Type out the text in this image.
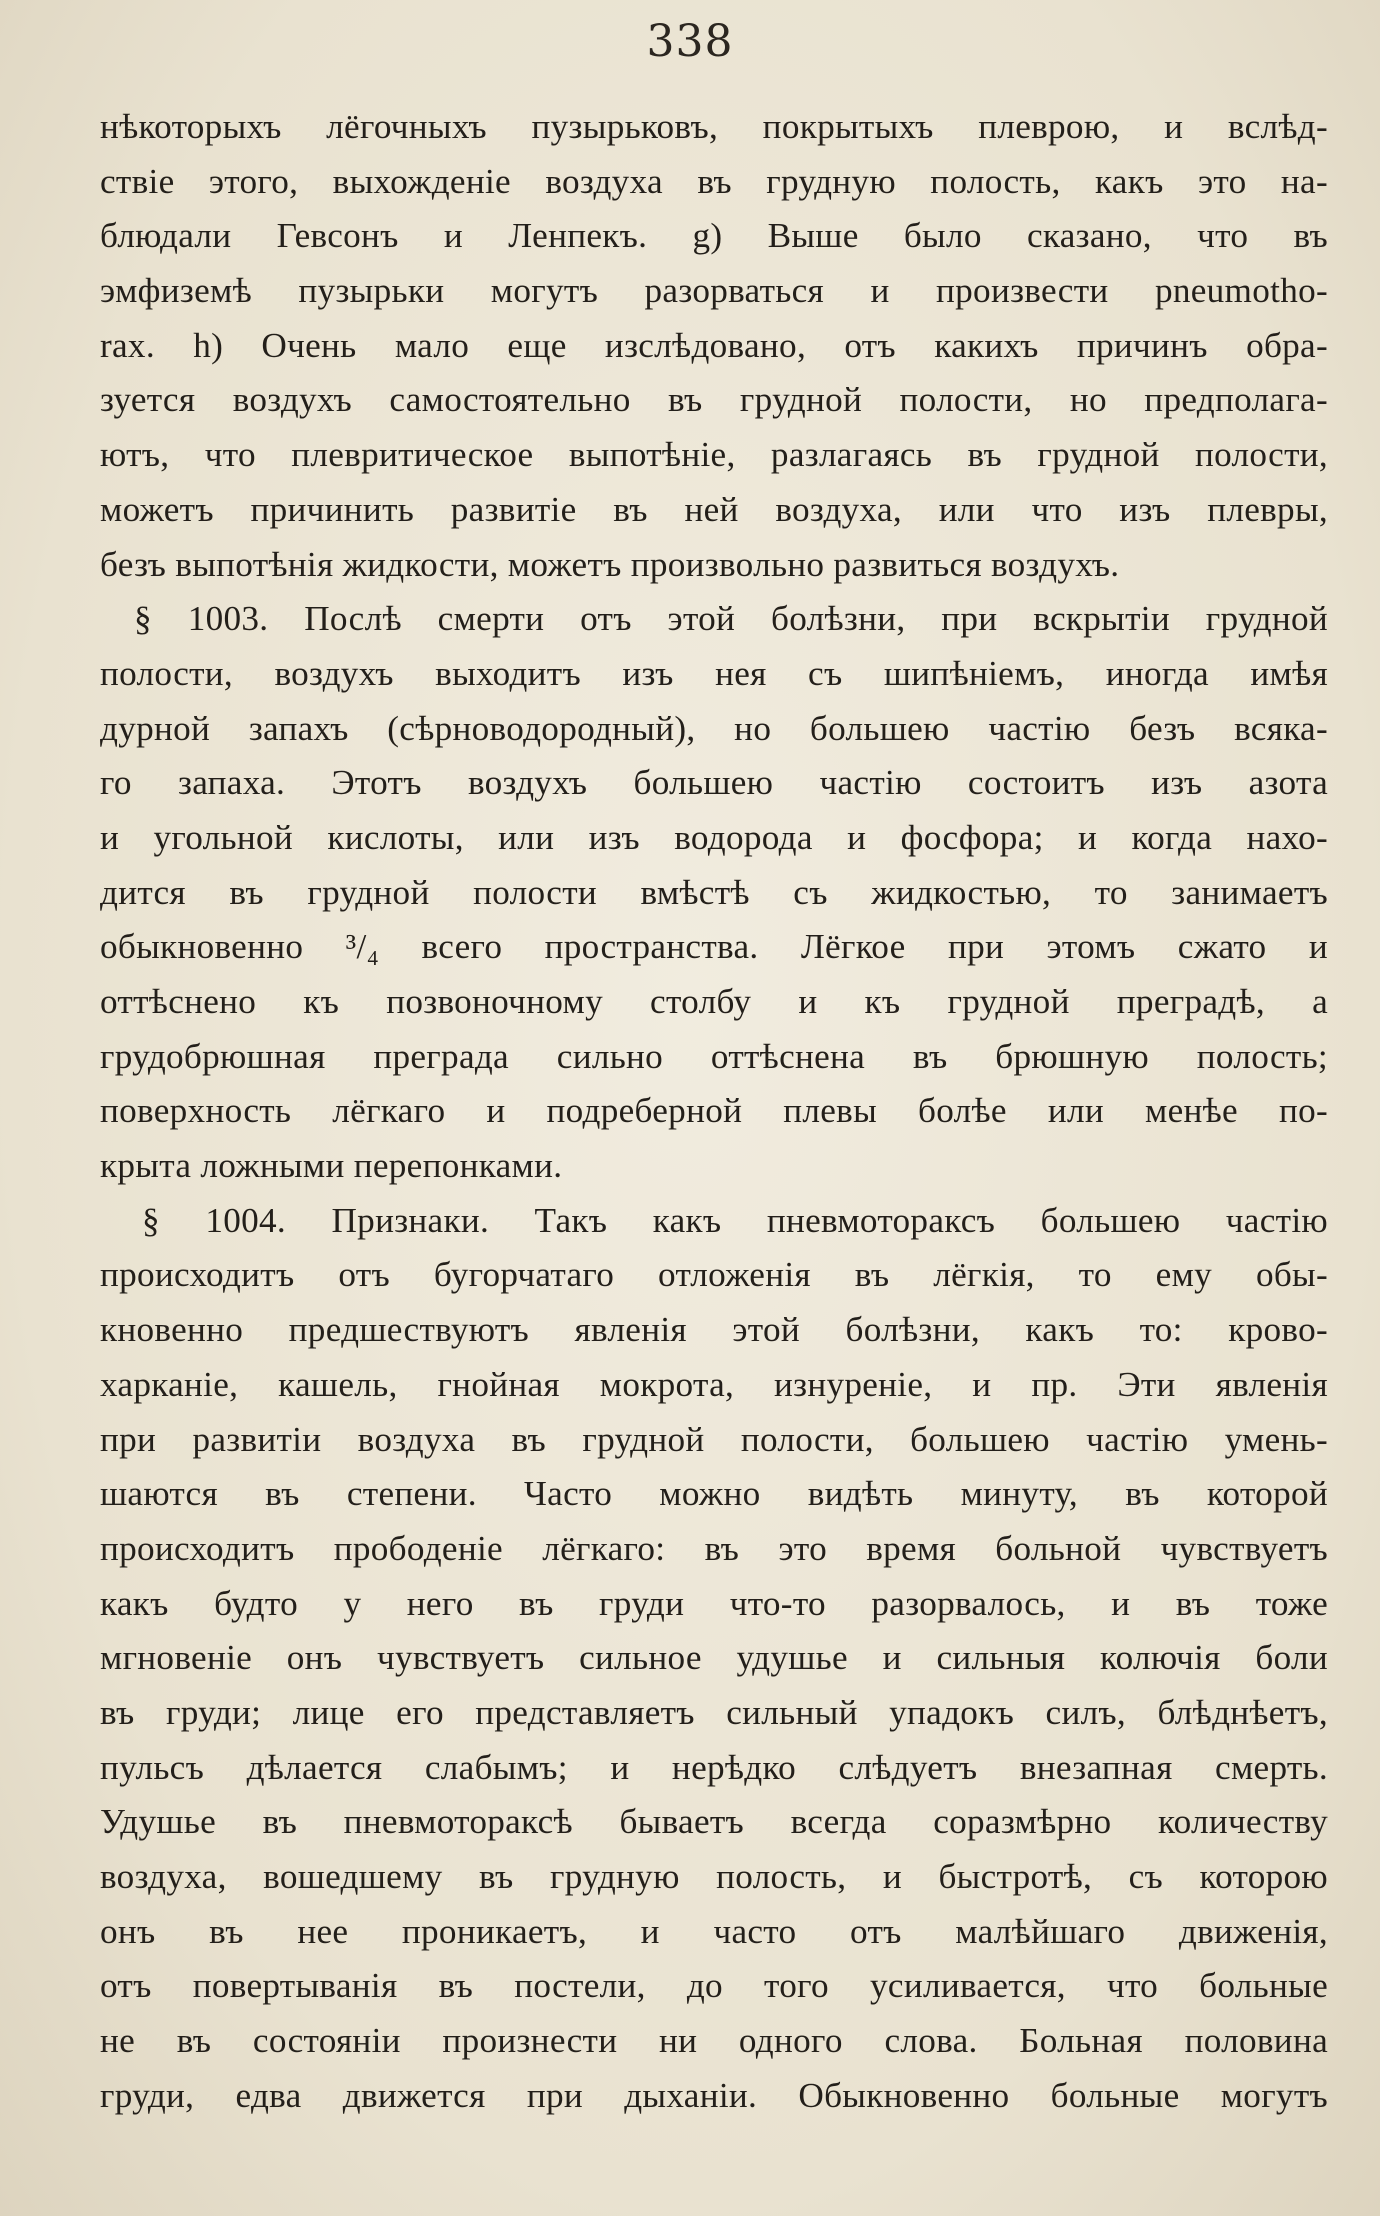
338
нѣкоторыхъ лёгочныхъ пузырьковъ, покрытыхъ плеврою, и вслѣд-
ствіе этого, выхожденіе воздуха въ грудную полость, какъ это на-
блюдали Гевсонъ и Ленпекъ. g) Выше было сказано, что въ
эмфиземѣ пузырьки могутъ разорваться и произвести pneumotho-
rax. h) Очень мало еще изслѣдовано, отъ какихъ причинъ обра-
зуется воздухъ самостоятельно въ грудной полости, но предполага-
ютъ, что плевритическое выпотѣніе, разлагаясь въ грудной полости,
можетъ причинить развитіе въ ней воздуха, или что изъ плевры,
безъ выпотѣнія жидкости, можетъ произвольно развиться воздухъ.
§ 1003. Послѣ смерти отъ этой болѣзни, при вскрытіи грудной
полости, воздухъ выходитъ изъ нея съ шипѣніемъ, иногда имѣя
дурной запахъ (сѣрноводородный), но большею частію безъ всяка-
го запаха. Этотъ воздухъ большею частію состоитъ изъ азота
и угольной кислоты, или изъ водорода и фосфора; и когда нахо-
дится въ грудной полости вмѣстѣ съ жидкостью, то занимаетъ
обыкновенно ³/₄ всего пространства. Лёгкое при этомъ сжато и
оттѣснено къ позвоночному столбу и къ грудной преградѣ, а
грудобрюшная преграда сильно оттѣснена въ брюшную полость;
поверхность лёгкаго и подреберной плевы болѣе или менѣе по-
крыта ложными перепонками.
§ 1004. Признаки. Такъ какъ пневмотораксъ большею частію
происходитъ отъ бугорчатаго отложенія въ лёгкія, то ему обы-
кновенно предшествуютъ явленія этой болѣзни, какъ то: крово-
харканіе, кашель, гнойная мокрота, изнуреніе, и пр. Эти явленія
при развитіи воздуха въ грудной полости, большею частію умень-
шаются въ степени. Часто можно видѣть минуту, въ которой
происходитъ прободеніе лёгкаго: въ это время больной чувствуетъ
какъ будто у него въ груди что-то разорвалось, и въ тоже
мгновеніе онъ чувствуетъ сильное удушье и сильныя колючія боли
въ груди; лице его представляетъ сильный упадокъ силъ, блѣднѣетъ,
пульсъ дѣлается слабымъ; и нерѣдко слѣдуетъ внезапная смерть.
Удушье въ пневмотораксѣ бываетъ всегда соразмѣрно количеству
воздуха, вошедшему въ грудную полость, и быстротѣ, съ которою
онъ въ нее проникаетъ, и часто отъ малѣйшаго движенія,
отъ повертыванія въ постели, до того усиливается, что больные
не въ состояніи произнести ни одного слова. Больная половина
груди, едва движется при дыханіи. Обыкновенно больные могутъ
